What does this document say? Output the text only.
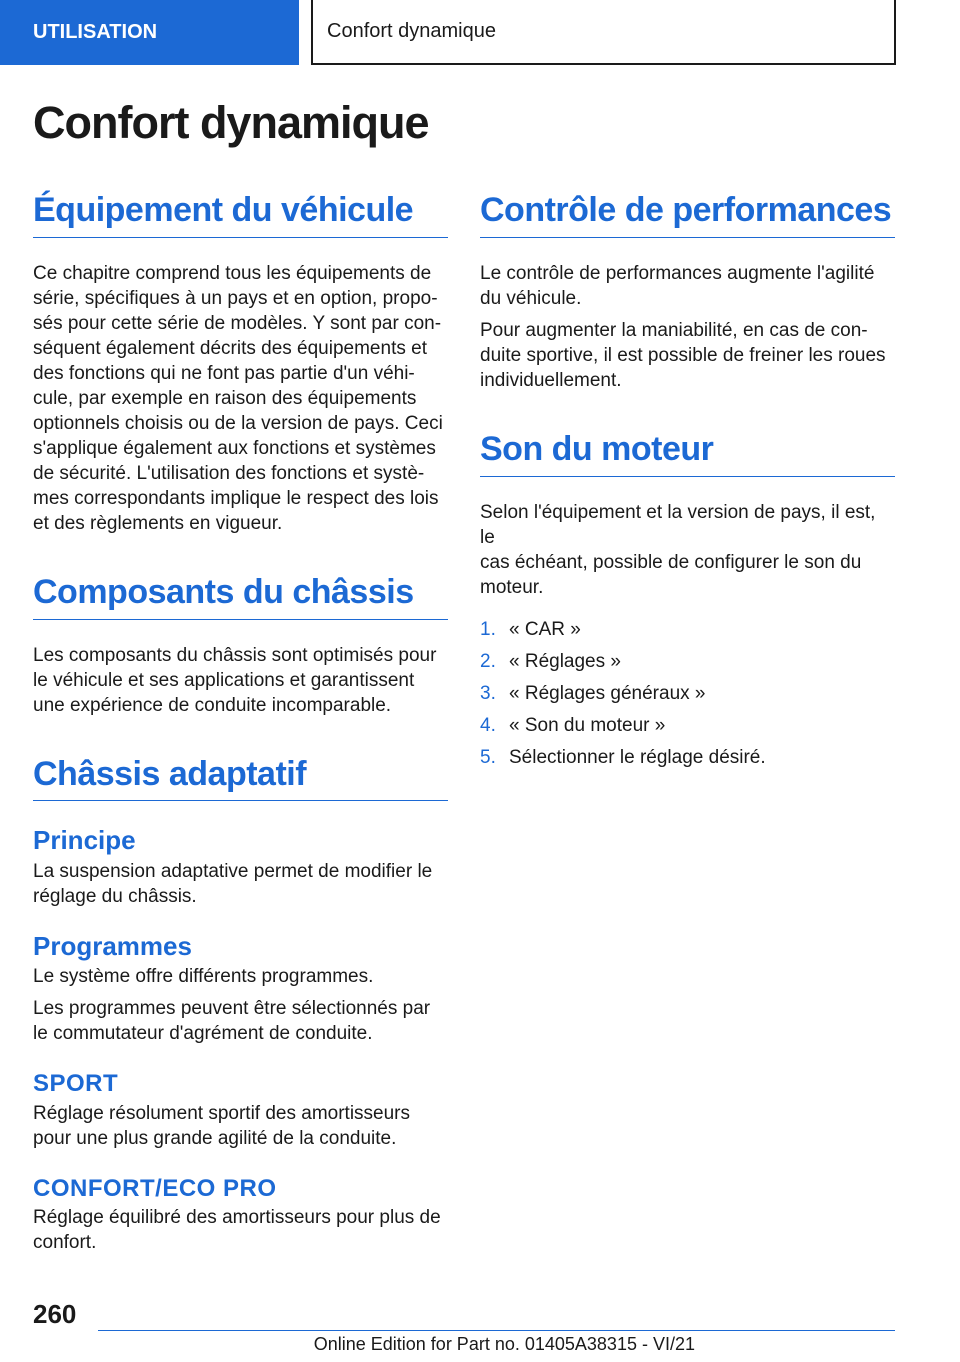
UTILISATION	Confort dynamique
Confort dynamique
Équipement du véhicule

Ce chapitre comprend tous les équipements de
série, spécifiques à un pays et en option, propo‐
sés pour cette série de modèles. Y sont par con‐
séquent également décrits des équipements et
des fonctions qui ne font pas partie d'un véhi‐
cule, par exemple en raison des équipements
optionnels choisis ou de la version de pays. Ceci
s'applique également aux fonctions et systèmes
de sécurité. L'utilisation des fonctions et systè‐
mes correspondants implique le respect des lois
et des règlements en vigueur.

Composants du châssis

Les composants du châssis sont optimisés pour
le véhicule et ses applications et garantissent
une expérience de conduite incomparable.

Châssis adaptatif
Principe

La suspension adaptative permet de modifier le
réglage du châssis.

Programmes

Le système offre différents programmes.

Les programmes peuvent être sélectionnés par
le commutateur d'agrément de conduite.

SPORT

Réglage résolument sportif des amortisseurs
pour une plus grande agilité de la conduite.

CONFORT/ECO PRO

Réglage équilibré des amortisseurs pour plus de
confort.

Contrôle de performances

Le contrôle de performances augmente l'agilité
du véhicule.

Pour augmenter la maniabilité, en cas de con‐
duite sportive, il est possible de freiner les roues
individuellement.

Son du moteur

Selon l'équipement et la version de pays, il est, le
cas échéant, possible de configurer le son du
moteur.

1. « CAR »
2. « Réglages »
3. « Réglages généraux »
4. « Son du moteur »
5. Sélectionner le réglage désiré.
260
Online Edition for Part no. 01405A38315 - VI/21
